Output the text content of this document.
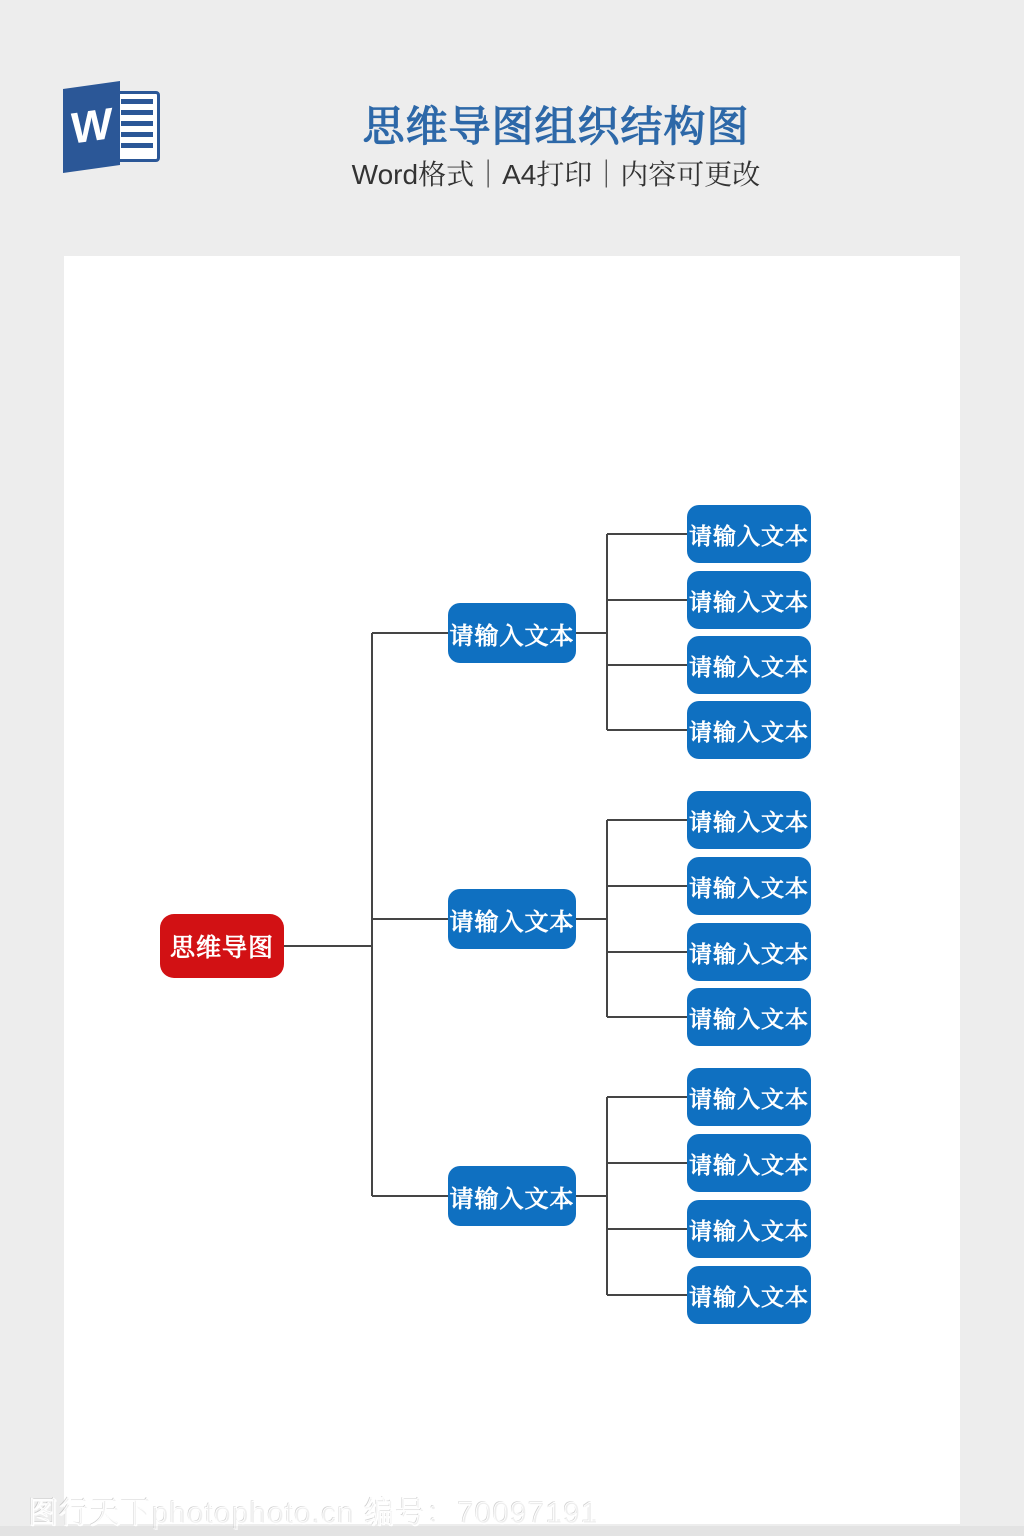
W	思维导图组织结构图

Word格式｜A4打印｜内容可更改

思维导图
请输入文本
请输入文本
请输入文本
请输入文本
请输入文本
请输入文本
请输入文本
请输入文本
请输入文本
请输入文本
请输入文本
请输入文本
请输入文本
请输入文本
请输入文本
图行天下photophoto.cn 编号：70097191
